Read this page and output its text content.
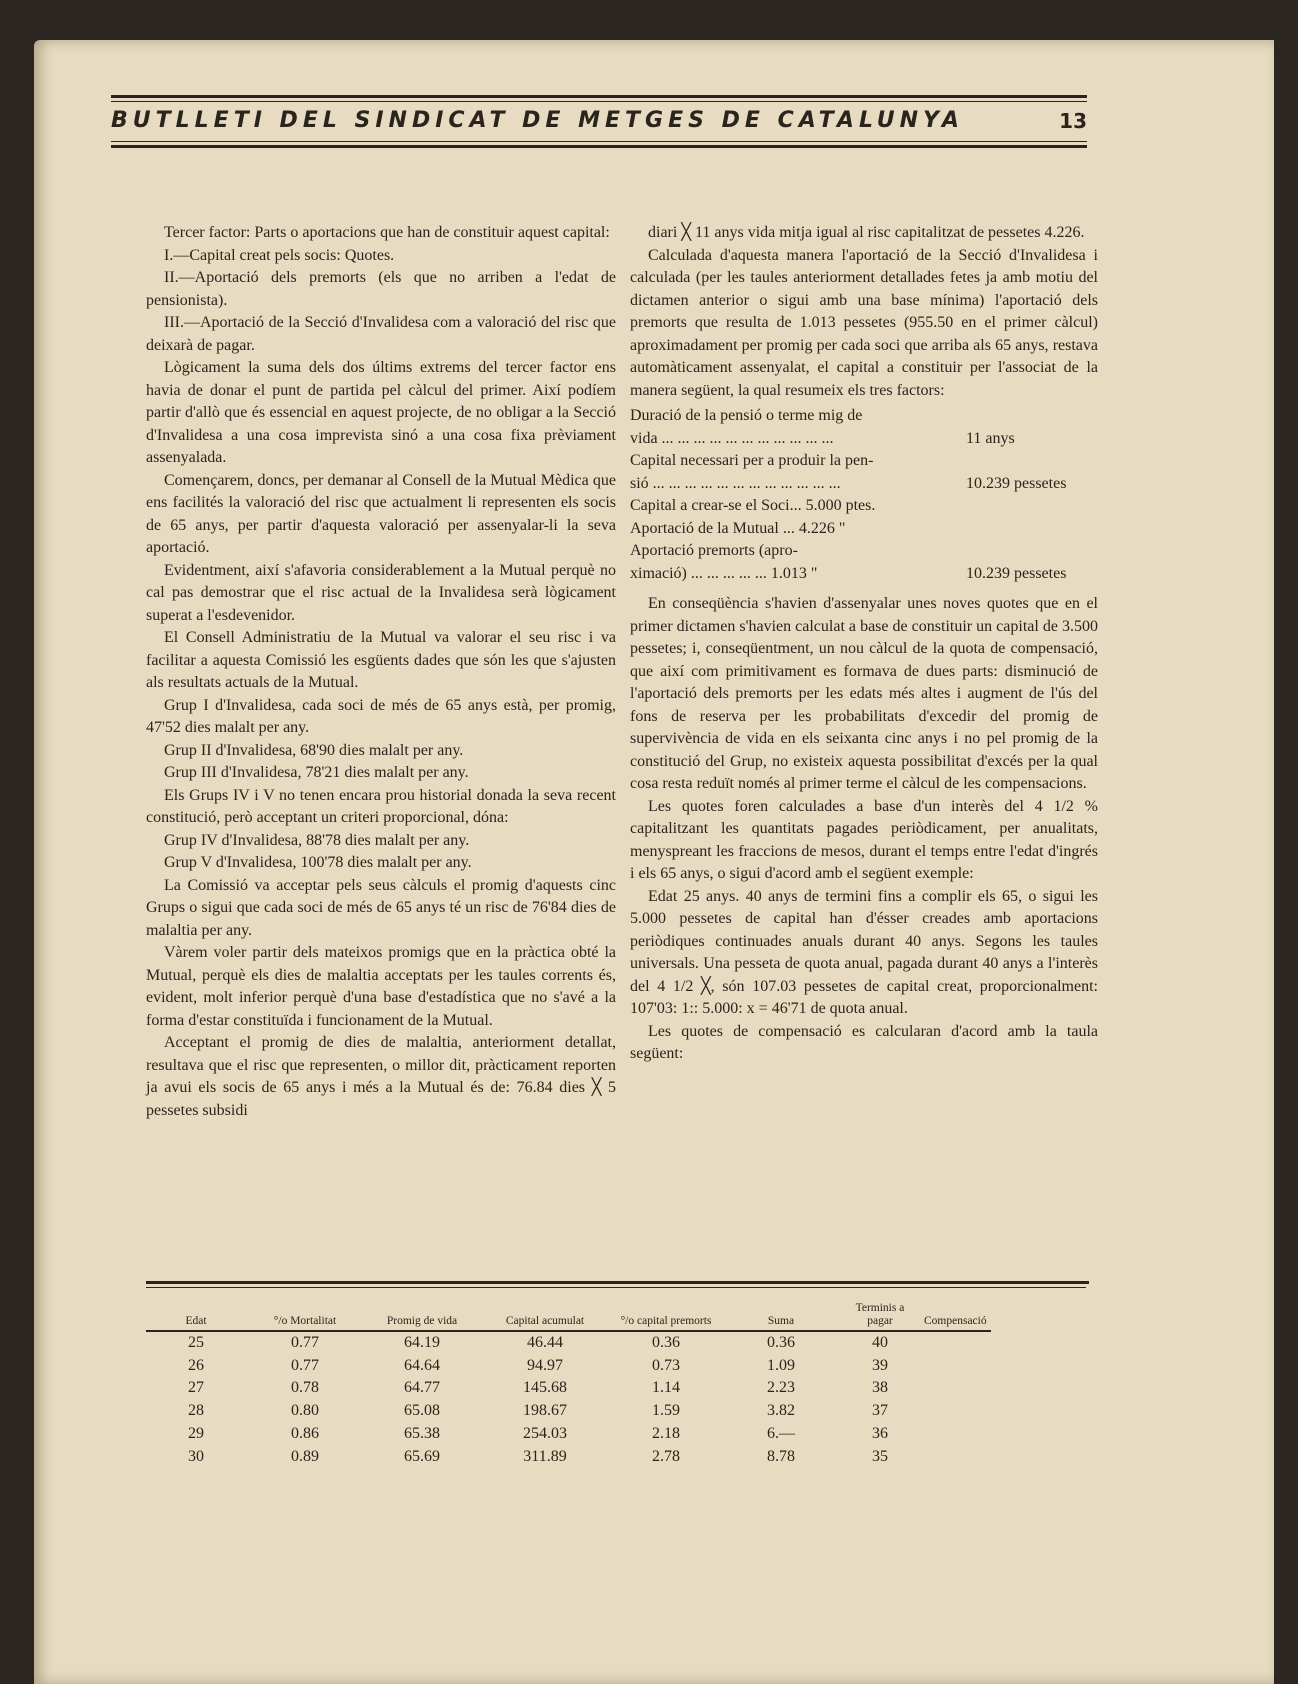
BUTLLETI DEL SINDICAT DE METGES DE CATALUNYA	13

Tercer factor: Parts o aportacions que han de constituir aquest capital:

I.—Capital creat pels socis: Quotes.

II.—Aportació dels premorts (els que no arriben a l'edat de pensionista).

III.—Aportació de la Secció d'Invalidesa com a valoració del risc que deixarà de pagar.

Lògicament la suma dels dos últims extrems del tercer factor ens havia de donar el punt de partida pel càlcul del primer. Així podíem partir d'allò que és essencial en aquest projecte, de no obligar a la Secció d'Invalidesa a una cosa imprevista sinó a una cosa fixa prèviament assenyalada.

Començarem, doncs, per demanar al Consell de la Mutual Mèdica que ens facilités la valoració del risc que actualment li representen els socis de 65 anys, per partir d'aquesta valoració per assenyalar-li la seva aportació.

Evidentment, així s'afavoria considerablement a la Mutual perquè no cal pas demostrar que el risc actual de la Invalidesa serà lògicament superat a l'esdevenidor.

El Consell Administratiu de la Mutual va valorar el seu risc i va facilitar a aquesta Comissió les esgüents dades que són les que s'ajusten als resultats actuals de la Mutual.

Grup I d'Invalidesa, cada soci de més de 65 anys està, per promig, 47'52 dies malalt per any.

Grup II d'Invalidesa, 68'90 dies malalt per any.

Grup III d'Invalidesa, 78'21 dies malalt per any.

Els Grups IV i V no tenen encara prou historial donada la seva recent constitució, però acceptant un criteri proporcional, dóna:

Grup IV d'Invalidesa, 88'78 dies malalt per any.

Grup V d'Invalidesa, 100'78 dies malalt per any.

La Comissió va acceptar pels seus càlculs el promig d'aquests cinc Grups o sigui que cada soci de més de 65 anys té un risc de 76'84 dies de malaltia per any.

Vàrem voler partir dels mateixos promigs que en la pràctica obté la Mutual, perquè els dies de malaltia acceptats per les taules corrents és, evident, molt inferior perquè d'una base d'estadística que no s'avé a la forma d'estar constituïda i funcionament de la Mutual.

Acceptant el promig de dies de malaltia, anteriorment detallat, resultava que el risc que representen, o millor dit, pràcticament reporten ja avui els socis de 65 anys i més a la Mutual és de: 76.84 dies ╳ 5 pessetes subsidi

diari ╳ 11 anys vida mitja igual al risc capitalitzat de pessetes 4.226.

Calculada d'aquesta manera l'aportació de la Secció d'Invalidesa i calculada (per les taules anteriorment detallades fetes ja amb motiu del dictamen anterior o sigui amb una base mínima) l'aportació dels premorts que resulta de 1.013 pessetes (955.50 en el primer càlcul) aproximadament per promig per cada soci que arriba als 65 anys, restava automàticament assenyalat, el capital a constituir per l'associat de la manera següent, la qual resumeix els tres factors:

Duració de la pensió o terme mig de
vida ... ... ... ... ... ... ... ... ... ... ...	11 anys
Capital necessari per a produir la pen-
sió ... ... ... ... ... ... ... ... ... ... ... ...	10.239 pessetes
Capital a crear-se el Soci... 5.000 ptes.
Aportació de la Mutual ... 4.226 "
Aportació premorts (apro-
ximació) ... ... ... ... ... 1.013 "	10.239 pessetes

En conseqüència s'havien d'assenyalar unes noves quotes que en el primer dictamen s'havien calculat a base de constituir un capital de 3.500 pessetes; i, conseqüentment, un nou càlcul de la quota de compensació, que així com primitivament es formava de dues parts: disminució de l'aportació dels premorts per les edats més altes i augment de l'ús del fons de reserva per les probabilitats d'excedir del promig de supervivència de vida en els seixanta cinc anys i no pel promig de la constitució del Grup, no existeix aquesta possibilitat d'excés per la qual cosa resta reduït només al primer terme el càlcul de les compensacions.

Les quotes foren calculades a base d'un interès del 4 1/2 % capitalitzant les quantitats pagades periòdicament, per anualitats, menyspreant les fraccions de mesos, durant el temps entre l'edat d'ingrés i els 65 anys, o sigui d'acord amb el següent exemple:

Edat 25 anys. 40 anys de termini fins a complir els 65, o sigui les 5.000 pessetes de capital han d'ésser creades amb aportacions periòdiques continuades anuals durant 40 anys. Segons les taules universals. Una pesseta de quota anual, pagada durant 40 anys a l'interès del 4 1/2 ╳, són 107.03 pessetes de capital creat, proporcionalment: 107'03: 1:: 5.000: x = 46'71 de quota anual.

Les quotes de compensació es calcularan d'acord amb la taula següent:

Edat	°/o Mortalitat	Promig de vida	Capital acumulat	°/o capital premorts	Suma	Terminis a pagar	Compensació
25	0.77	64.19	46.44	0.36	0.36	40	
26	0.77	64.64	94.97	0.73	1.09	39	
27	0.78	64.77	145.68	1.14	2.23	38	
28	0.80	65.08	198.67	1.59	3.82	37	
29	0.86	65.38	254.03	2.18	6.—	36	
30	0.89	65.69	311.89	2.78	8.78	35	
